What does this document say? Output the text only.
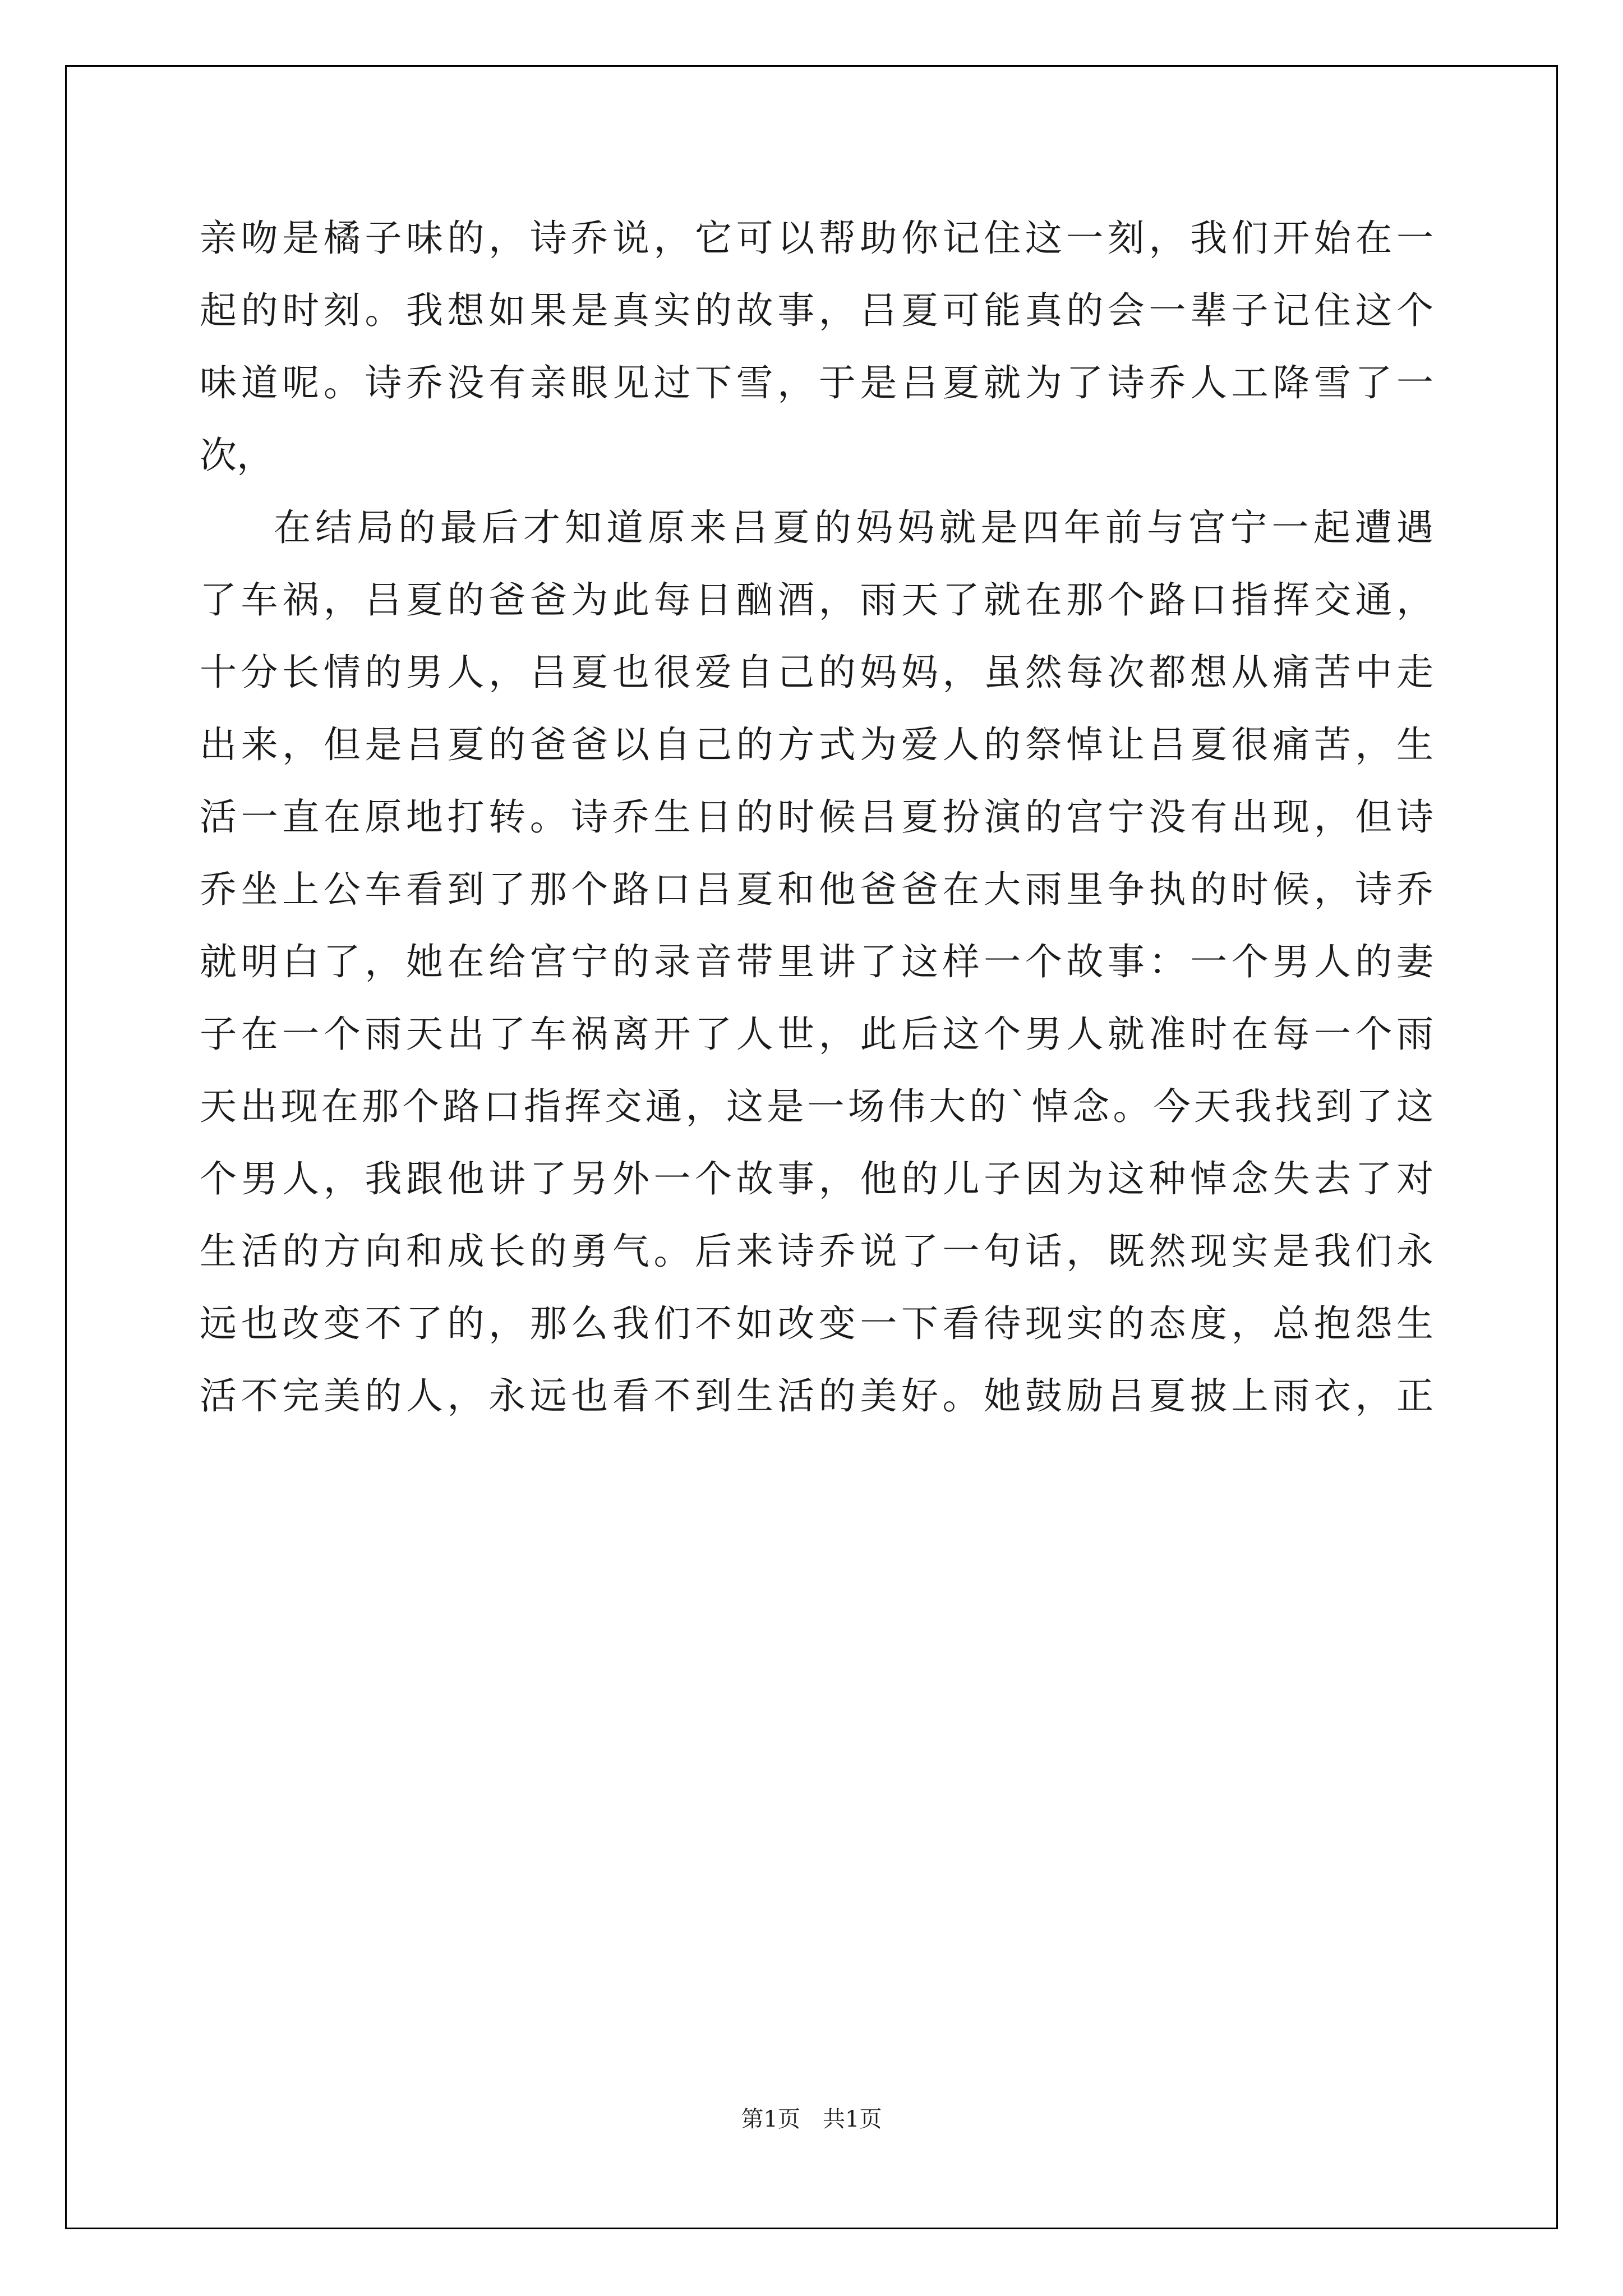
亲吻是橘子味的，诗乔说，它可以帮助你记住这一刻，我们开始在一
起的时刻。我想如果是真实的故事，吕夏可能真的会一辈子记住这个
味道呢。诗乔没有亲眼见过下雪，于是吕夏就为了诗乔人工降雪了一
次，
在结局的最后才知道原来吕夏的妈妈就是四年前与宫宁一起遭遇
了车祸，吕夏的爸爸为此每日酗酒，雨天了就在那个路口指挥交通，
十分长情的男人，吕夏也很爱自己的妈妈，虽然每次都想从痛苦中走
出来，但是吕夏的爸爸以自己的方式为爱人的祭悼让吕夏很痛苦，生
活一直在原地打转。诗乔生日的时候吕夏扮演的宫宁没有出现，但诗
乔坐上公车看到了那个路口吕夏和他爸爸在大雨里争执的时候，诗乔
就明白了，她在给宫宁的录音带里讲了这样一个故事：一个男人的妻
子在一个雨天出了车祸离开了人世，此后这个男人就准时在每一个雨
天出现在那个路口指挥交通，这是一场伟大的`悼念。今天我找到了这
个男人，我跟他讲了另外一个故事，他的儿子因为这种悼念失去了对
生活的方向和成长的勇气。后来诗乔说了一句话，既然现实是我们永
远也改变不了的，那么我们不如改变一下看待现实的态度，总抱怨生
活不完美的人，永远也看不到生活的美好。她鼓励吕夏披上雨衣，正
第1页 共1页
